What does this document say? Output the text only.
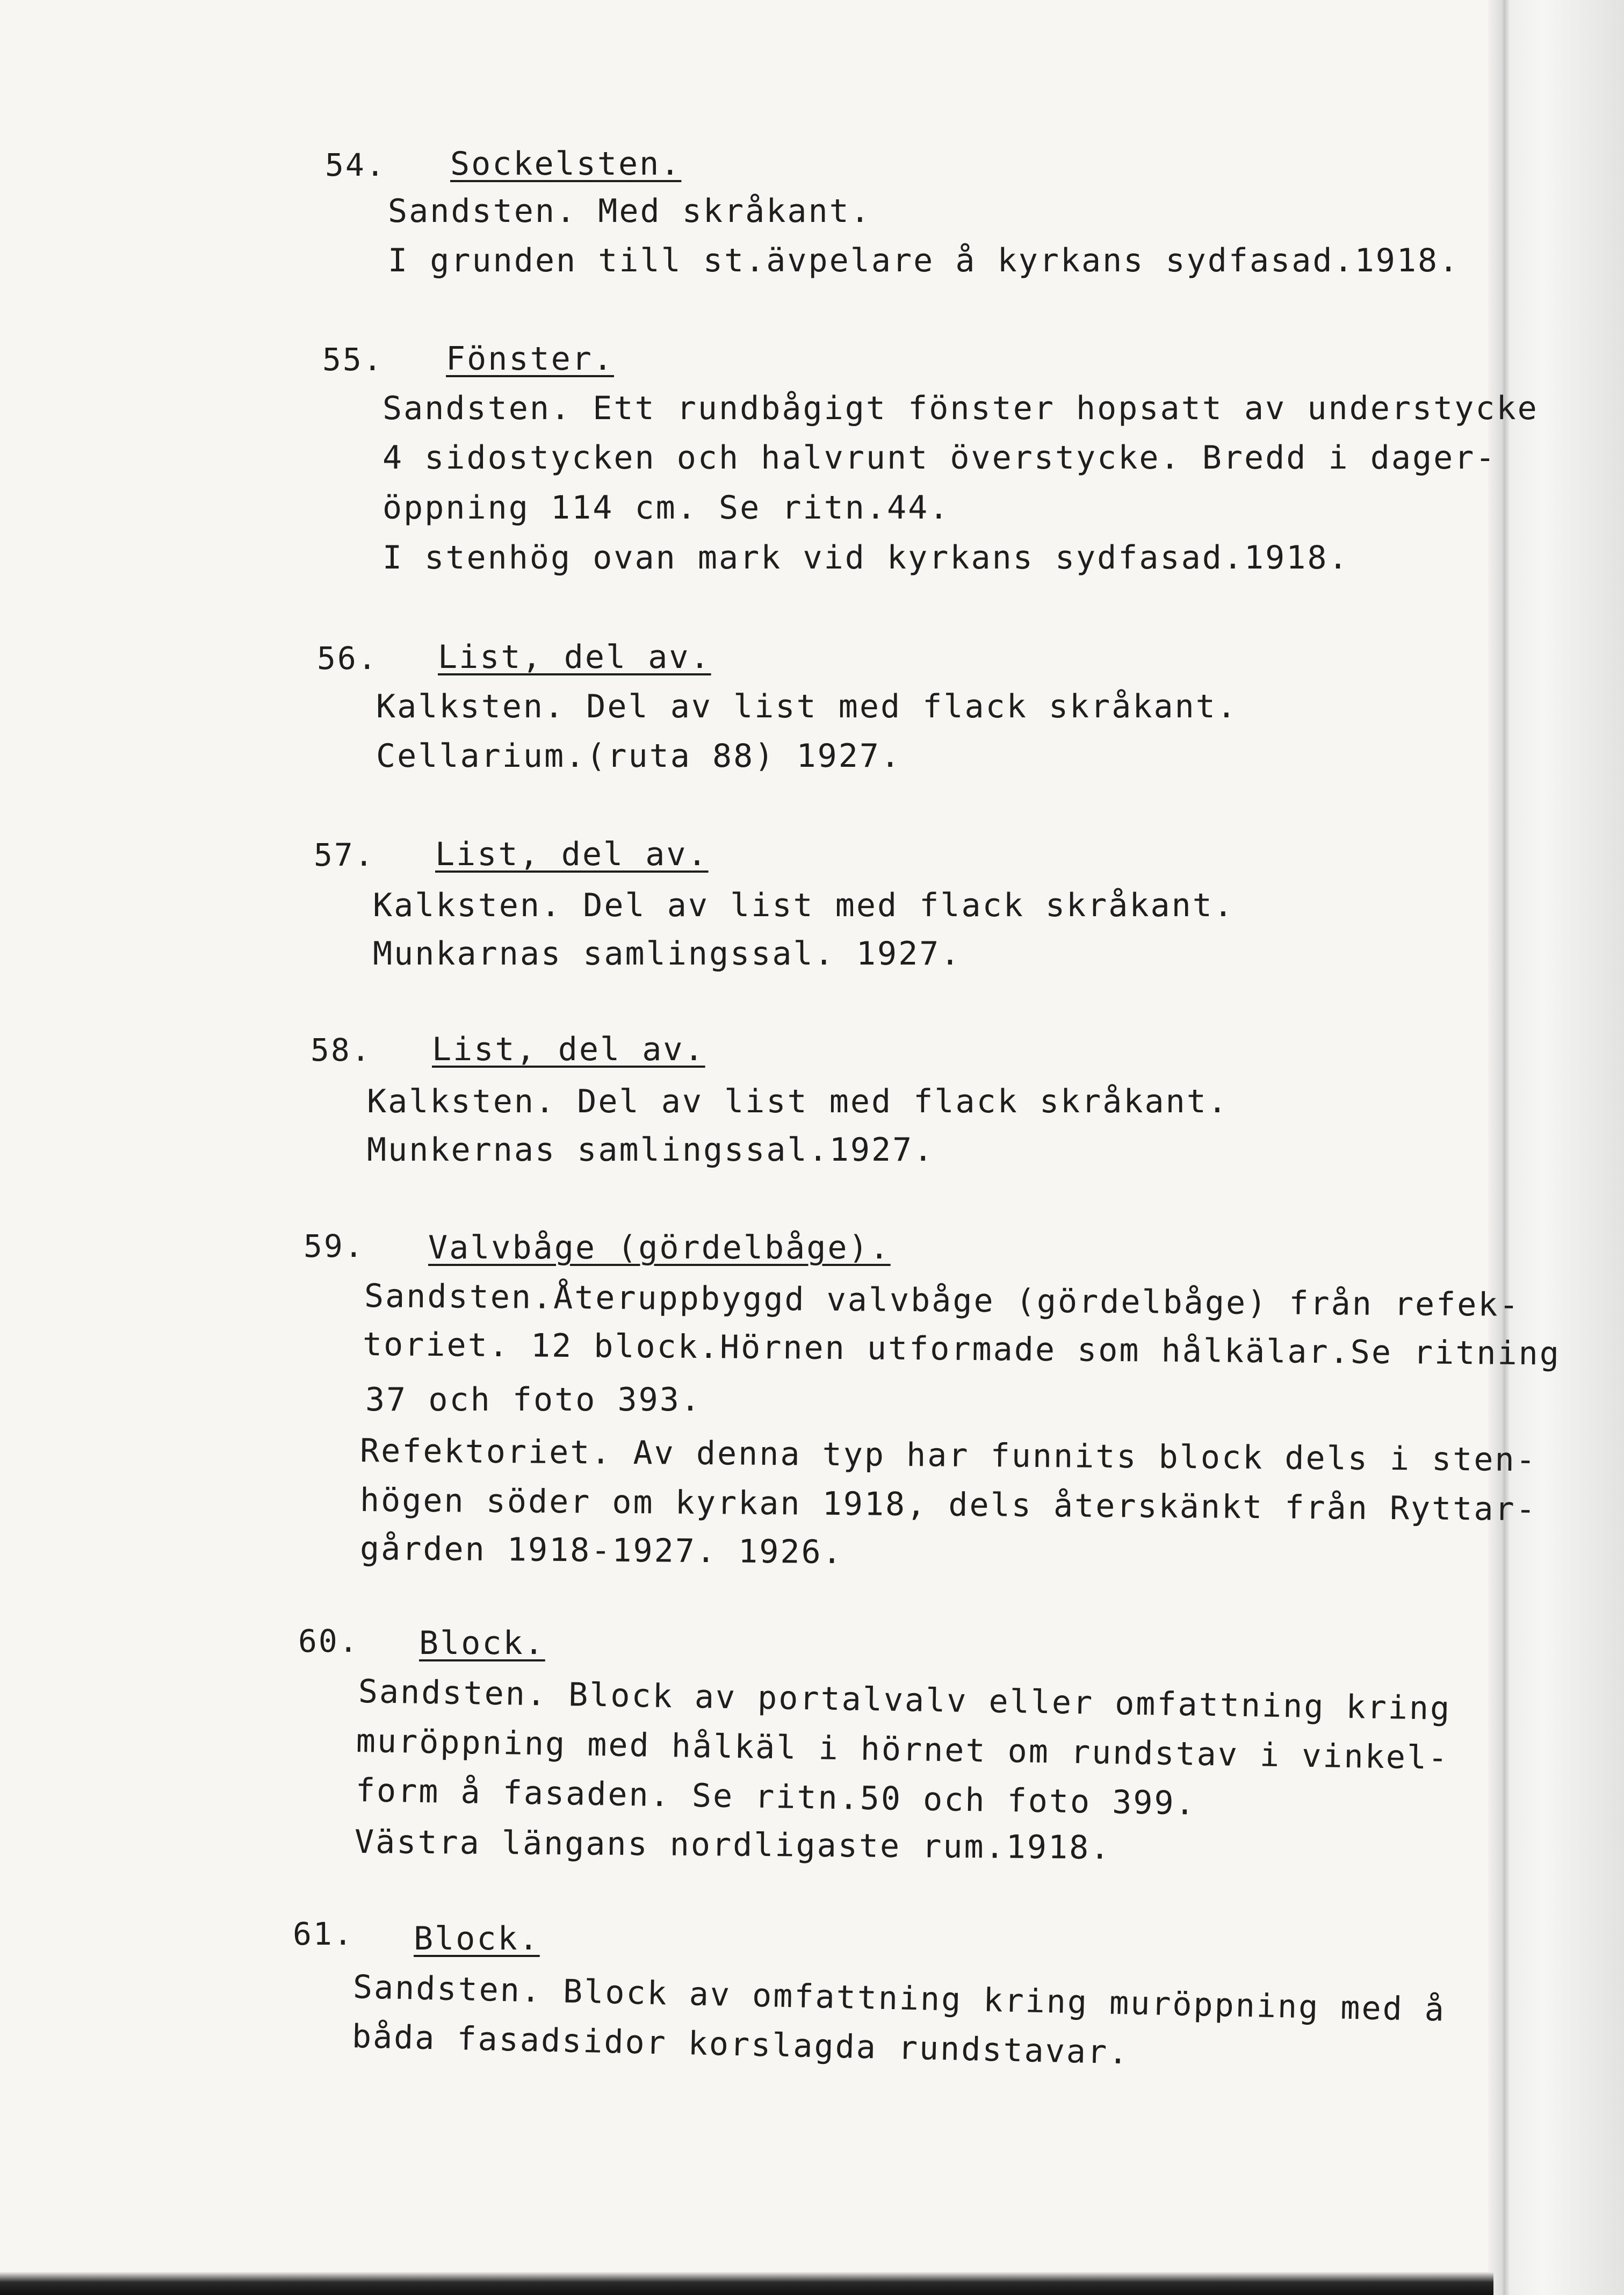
54. Sockelsten.
Sandsten. Med skråkant.
I grunden till st.ävpelare å kyrkans sydfasad.1918.
55. Fönster.
Sandsten. Ett rundbågigt fönster hopsatt av understycke
4 sidostycken och halvrunt överstycke. Bredd i dager-
öppning 114 cm. Se ritn.44.
I stenhög ovan mark vid kyrkans sydfasad.1918.
56. List, del av.
Kalksten. Del av list med flack skråkant.
Cellarium.(ruta 88) 1927.
57. List, del av.
Kalksten. Del av list med flack skråkant.
Munkarnas samlingssal. 1927.
58. List, del av.
Kalksten. Del av list med flack skråkant.
Munkernas samlingssal.1927.
59. Valvbåge (gördelbåge).
Sandsten.Återuppbyggd valvbåge (gördelbåge) från refek-
toriet. 12 block.Hörnen utformade som hålkälar.Se ritning
37 och foto 393.
Refektoriet. Av denna typ har funnits block dels i sten-
högen söder om kyrkan 1918, dels återskänkt från Ryttar-
gården 1918-1927. 1926.
60. Block.
Sandsten. Block av portalvalv eller omfattning kring
muröppning med hålkäl i hörnet om rundstav i vinkel-
form å fasaden. Se ritn.50 och foto 399.
Västra längans nordligaste rum.1918.
61. Block.
Sandsten. Block av omfattning kring muröppning med å
båda fasadsidor korslagda rundstavar.
